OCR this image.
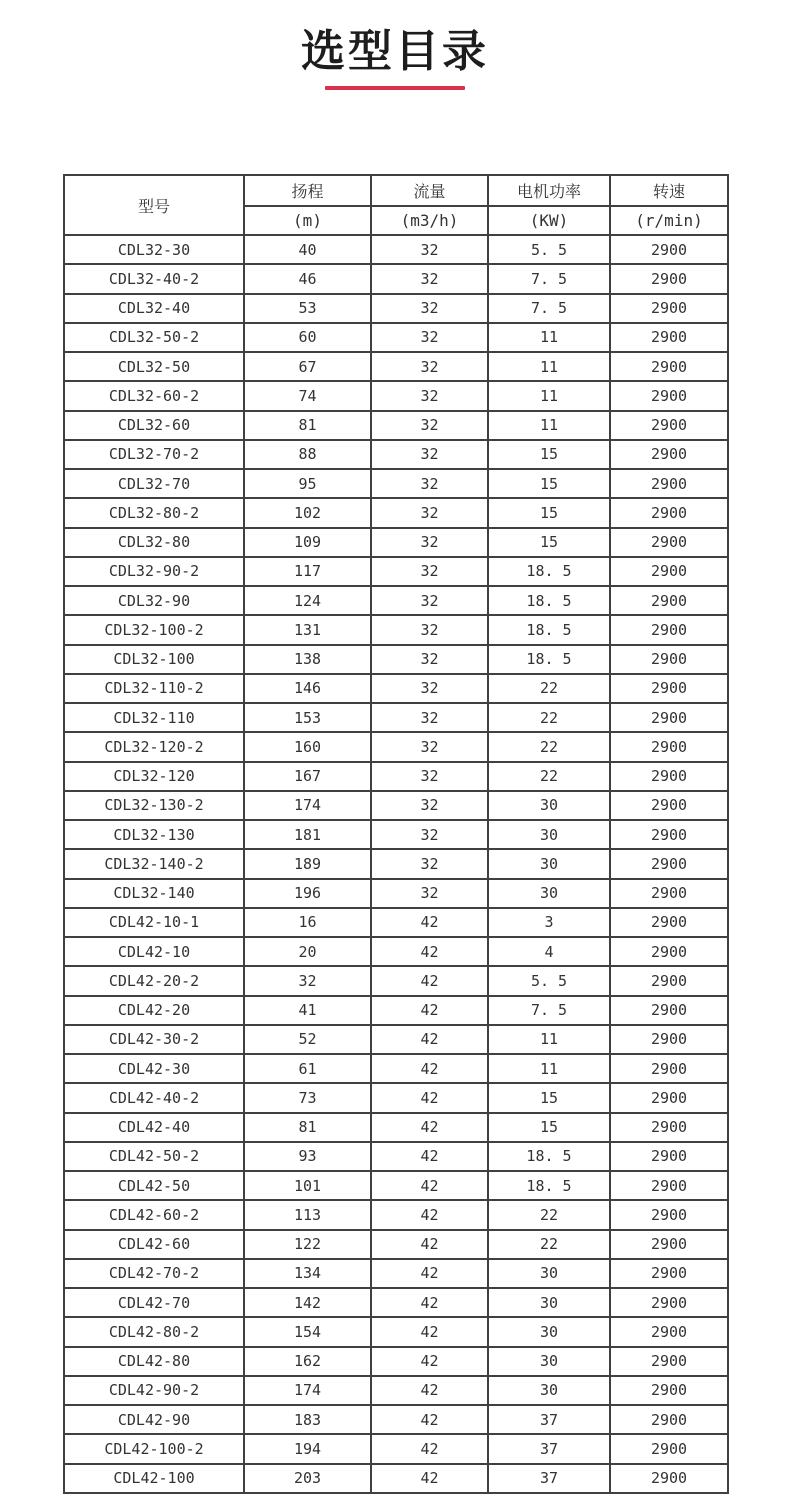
选型目录
型号	扬程	流量	电机功率	转速
	(m)	(m3/h)	(KW)	(r/min)
CDL32-30	40	32	5. 5	2900
CDL32-40-2	46	32	7. 5	2900
CDL32-40	53	32	7. 5	2900
CDL32-50-2	60	32	11	2900
CDL32-50	67	32	11	2900
CDL32-60-2	74	32	11	2900
CDL32-60	81	32	11	2900
CDL32-70-2	88	32	15	2900
CDL32-70	95	32	15	2900
CDL32-80-2	102	32	15	2900
CDL32-80	109	32	15	2900
CDL32-90-2	117	32	18. 5	2900
CDL32-90	124	32	18. 5	2900
CDL32-100-2	131	32	18. 5	2900
CDL32-100	138	32	18. 5	2900
CDL32-110-2	146	32	22	2900
CDL32-110	153	32	22	2900
CDL32-120-2	160	32	22	2900
CDL32-120	167	32	22	2900
CDL32-130-2	174	32	30	2900
CDL32-130	181	32	30	2900
CDL32-140-2	189	32	30	2900
CDL32-140	196	32	30	2900
CDL42-10-1	16	42	3	2900
CDL42-10	20	42	4	2900
CDL42-20-2	32	42	5. 5	2900
CDL42-20	41	42	7. 5	2900
CDL42-30-2	52	42	11	2900
CDL42-30	61	42	11	2900
CDL42-40-2	73	42	15	2900
CDL42-40	81	42	15	2900
CDL42-50-2	93	42	18. 5	2900
CDL42-50	101	42	18. 5	2900
CDL42-60-2	113	42	22	2900
CDL42-60	122	42	22	2900
CDL42-70-2	134	42	30	2900
CDL42-70	142	42	30	2900
CDL42-80-2	154	42	30	2900
CDL42-80	162	42	30	2900
CDL42-90-2	174	42	30	2900
CDL42-90	183	42	37	2900
CDL42-100-2	194	42	37	2900
CDL42-100	203	42	37	2900
